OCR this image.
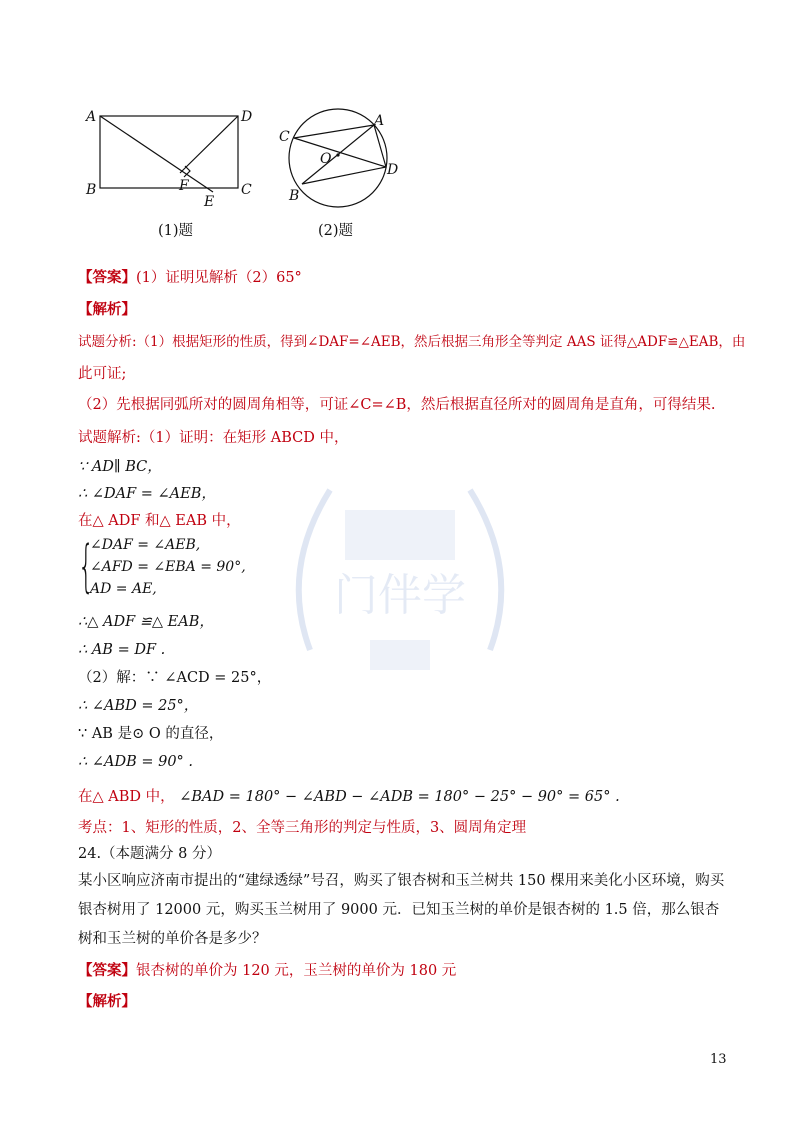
门伴学
A	D
B	C
F
E
(1)题
C
A
O
D
B
(2)题
【答案】(1）证明见解析（2）65°
【解析】
试题分析:（1）根据矩形的性质，得到∠DAF=∠AEB，然后根据三角形全等判定 AAS 证得△ADF≌△EAB，由
此可证;
（2）先根据同弧所对的圆周角相等，可证∠C=∠B，然后根据直径所对的圆周角是直角，可得结果.
试题解析:（1）证明：在矩形 ABCD 中，
∵ AD∥ BC，
∴ ∠DAF = ∠AEB，
在△ ADF 和△ EAB 中，
{
∠DAF = ∠AEB,
∠AFD = ∠EBA = 90°,
AD = AE,
∴△ ADF ≌△ EAB，
∴ AB = DF .
（2）解：∵ ∠ACD = 25°，
∴ ∠ABD = 25°，
∵ AB 是⊙ O 的直径，
∴ ∠ADB = 90° .
在△ ABD 中， ∠BAD = 180° − ∠ABD − ∠ADB = 180° − 25° − 90° = 65° .
考点：1、矩形的性质，2、全等三角形的判定与性质，3、圆周角定理
24.（本题满分 8 分）
某小区响应济南市提出的“建绿透绿”号召，购买了银杏树和玉兰树共 150 棵用来美化小区环境，购买银杏树用了 12000 元，购买玉兰树用了 9000 元．已知玉兰树的单价是银杏树的 1.5 倍，那么银杏树和玉兰树的单价各是多少？
【答案】银杏树的单价为 120 元，玉兰树的单价为 180 元
【解析】
13
